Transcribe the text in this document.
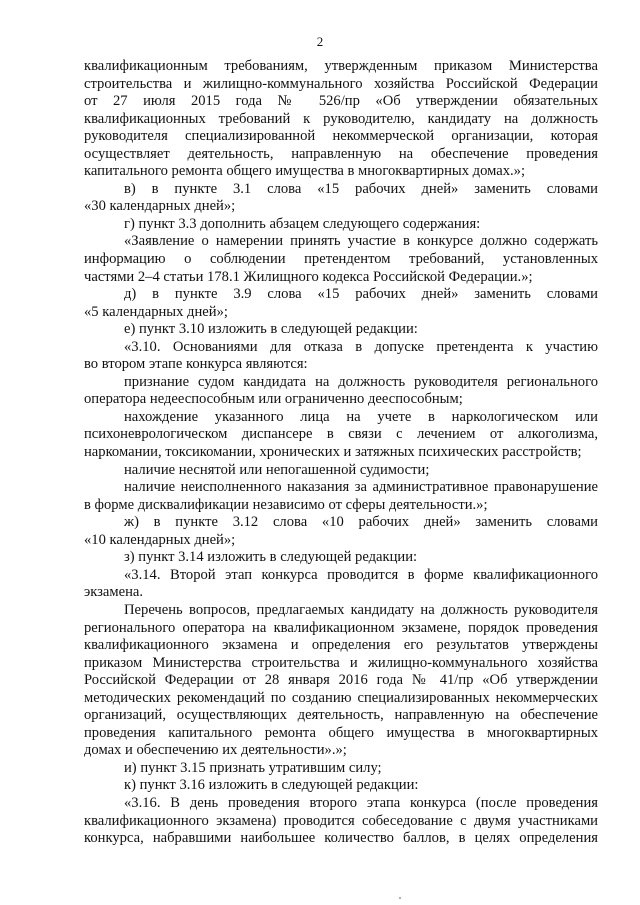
2
квалификационным требованиям, утвержденным приказом Министерства
строительства и жилищно-коммунального хозяйства Российской Федерации
от 27 июля 2015 года № 526/пр «Об утверждении обязательных
квалификационных требований к руководителю, кандидату на должность
руководителя специализированной некоммерческой организации, которая
осуществляет деятельность, направленную на обеспечение проведения
капитального ремонта общего имущества в многоквартирных домах.»;
в) в пункте 3.1 слова «15 рабочих дней» заменить словами
«30 календарных дней»;
г) пункт 3.3 дополнить абзацем следующего содержания:
«Заявление о намерении принять участие в конкурсе должно содержать
информацию о соблюдении претендентом требований, установленных
частями 2–4 статьи 178.1 Жилищного кодекса Российской Федерации.»;
д) в пункте 3.9 слова «15 рабочих дней» заменить словами
«5 календарных дней»;
е) пункт 3.10 изложить в следующей редакции:
«3.10. Основаниями для отказа в допуске претендента к участию
во втором этапе конкурса являются:
признание судом кандидата на должность руководителя регионального
оператора недееспособным или ограниченно дееспособным;
нахождение указанного лица на учете в наркологическом или
психоневрологическом диспансере в связи с лечением от алкоголизма,
наркомании, токсикомании, хронических и затяжных психических расстройств;
наличие неснятой или непогашенной судимости;
наличие неисполненного наказания за административное правонарушение
в форме дисквалификации независимо от сферы деятельности.»;
ж) в пункте 3.12 слова «10 рабочих дней» заменить словами
«10 календарных дней»;
з) пункт 3.14 изложить в следующей редакции:
«3.14. Второй этап конкурса проводится в форме квалификационного
экзамена.
Перечень вопросов, предлагаемых кандидату на должность руководителя
регионального оператора на квалификационном экзамене, порядок проведения
квалификационного экзамена и определения его результатов утверждены
приказом Министерства строительства и жилищно-коммунального хозяйства
Российской Федерации от 28 января 2016 года № 41/пр «Об утверждении
методических рекомендаций по созданию специализированных некоммерческих
организаций, осуществляющих деятельность, направленную на обеспечение
проведения капитального ремонта общего имущества в многоквартирных
домах и обеспечению их деятельности».»;
и) пункт 3.15 признать утратившим силу;
к) пункт 3.16 изложить в следующей редакции:
«3.16. В день проведения второго этапа конкурса (после проведения
квалификационного экзамена) проводится собеседование с двумя участниками
конкурса, набравшими наибольшее количество баллов, в целях определения
